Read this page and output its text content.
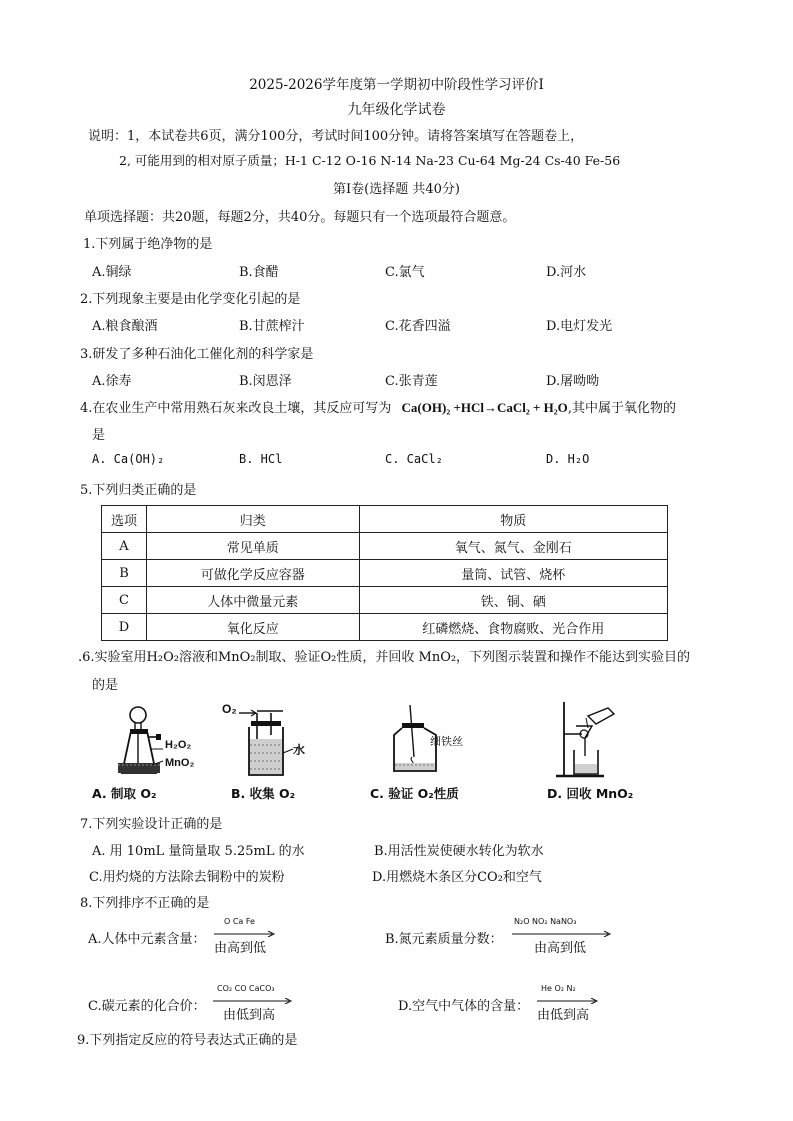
2025-2026学年度第一学期初中阶段性学习评价Ⅰ
九年级化学试卷
说明：1，本试卷共6页，满分100分，考试时间100分钟。请将答案填写在答题卷上，
2, 可能用到的相对原子质量；H-1 C-12 O-16 N-14 Na-23 Cu-64 Mg-24 Cs-40 Fe-56
第Ⅰ卷(选择题 共40分)
单项选择题：共20题，每题2分，共40分。每题只有一个选项最符合题意。
1.下列属于绝净物的是
A.铜绿	B.食醋	C.氯气	D.河水
2.下列现象主要是由化学变化引起的是
A.粮食酿酒	B.甘蔗榨汁	C.花香四溢	D.电灯发光
3.研发了多种石油化工催化剂的科学家是
A.徐寿	B.闵恩泽	C.张青莲	D.屠呦呦
4.在农业生产中常用熟石灰来改良土壤，其反应可写为 Ca(OH)₂ +HCl→CaCl₂ + H₂O,其中属于氧化物的
是
A. Ca(OH)₂	B. HCl	C. CaCl₂	D. H₂O
5.下列归类正确的是
选项	归类	物质
A	常见单质	氧气、氮气、金刚石
B	可做化学反应容器	量筒、试管、烧杯
C	人体中微量元素	铁、铜、硒
D	氧化反应	红磷燃烧、食物腐败、光合作用
.6.实验室用H₂O₂溶液和MnO₂制取、验证O₂性质，并回收 MnO₂，下列图示装置和操作不能达到实验目的
的是
H₂O₂
MnO₂
A. 制取 O₂
O₂
水
B. 收集 O₂
细铁丝
C. 验证 O₂性质	D. 回收 MnO₂
7.下列实验设计正确的是
A. 用 10mL 量筒量取 5.25mL 的水	B.用活性炭使硬水转化为软水
C.用灼烧的方法除去铜粉中的炭粉	D.用燃烧木条区分CO₂和空气
8.下列排序不正确的是
A.人体中元素含量：
O Ca Fe
由高到低
B.氮元素质量分数：
N₂O NO₂ NaNO₃
由高到低
C.碳元素的化合价：
CO₂ CO CaCO₃
由低到高
D.空气中气体的含量：
He O₂ N₂
由低到高
9.下列指定反应的符号表达式正确的是
